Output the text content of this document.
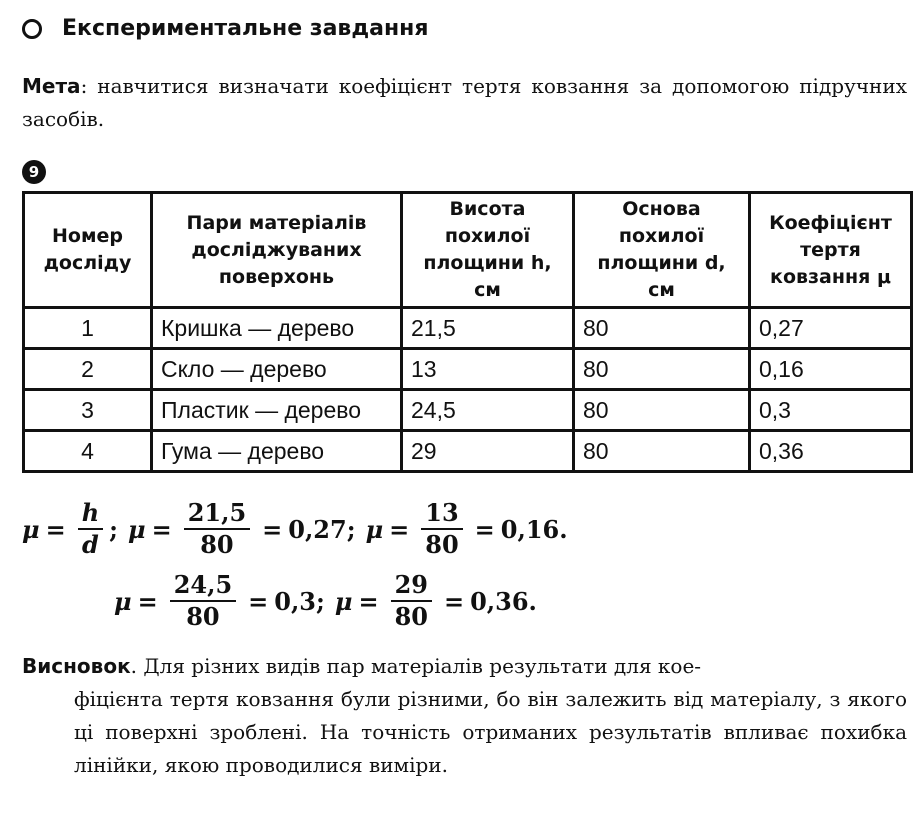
Експериментальне завдання
Мета: навчитися визначати коефіцієнт тертя ковзання за допомогою підручних засобів.
9
Номер досліду	Пари матеріалів досліджуваних поверхонь	Висота похилої площини h, см	Основа похилої площини d, см	Коефіцієнт тертя ковзання μ
1	Кришка — дерево	21,5	80	0,27
2	Скло — дерево	13	80	0,16
3	Пластик — дерево	24,5	80	0,3
4	Гума — дерево	29	80	0,36
$\mu = \frac{h}{d}$ ; $\mu = \frac{21,5}{80} = 0,27$ ; $\mu = \frac{13}{80} = 0,16$.
$\mu = \frac{24,5}{80} = 0,3$ ; $\mu = \frac{29}{80} = 0,36$.
Висновок. Для різних видів пар матеріалів результати для кое-
фіцієнта тертя ковзання були різними, бо він залежить від матеріалу, з якого ці поверхні зроблені. На точність отриманих результатів впливає похибка лінійки, якою проводилися виміри.
